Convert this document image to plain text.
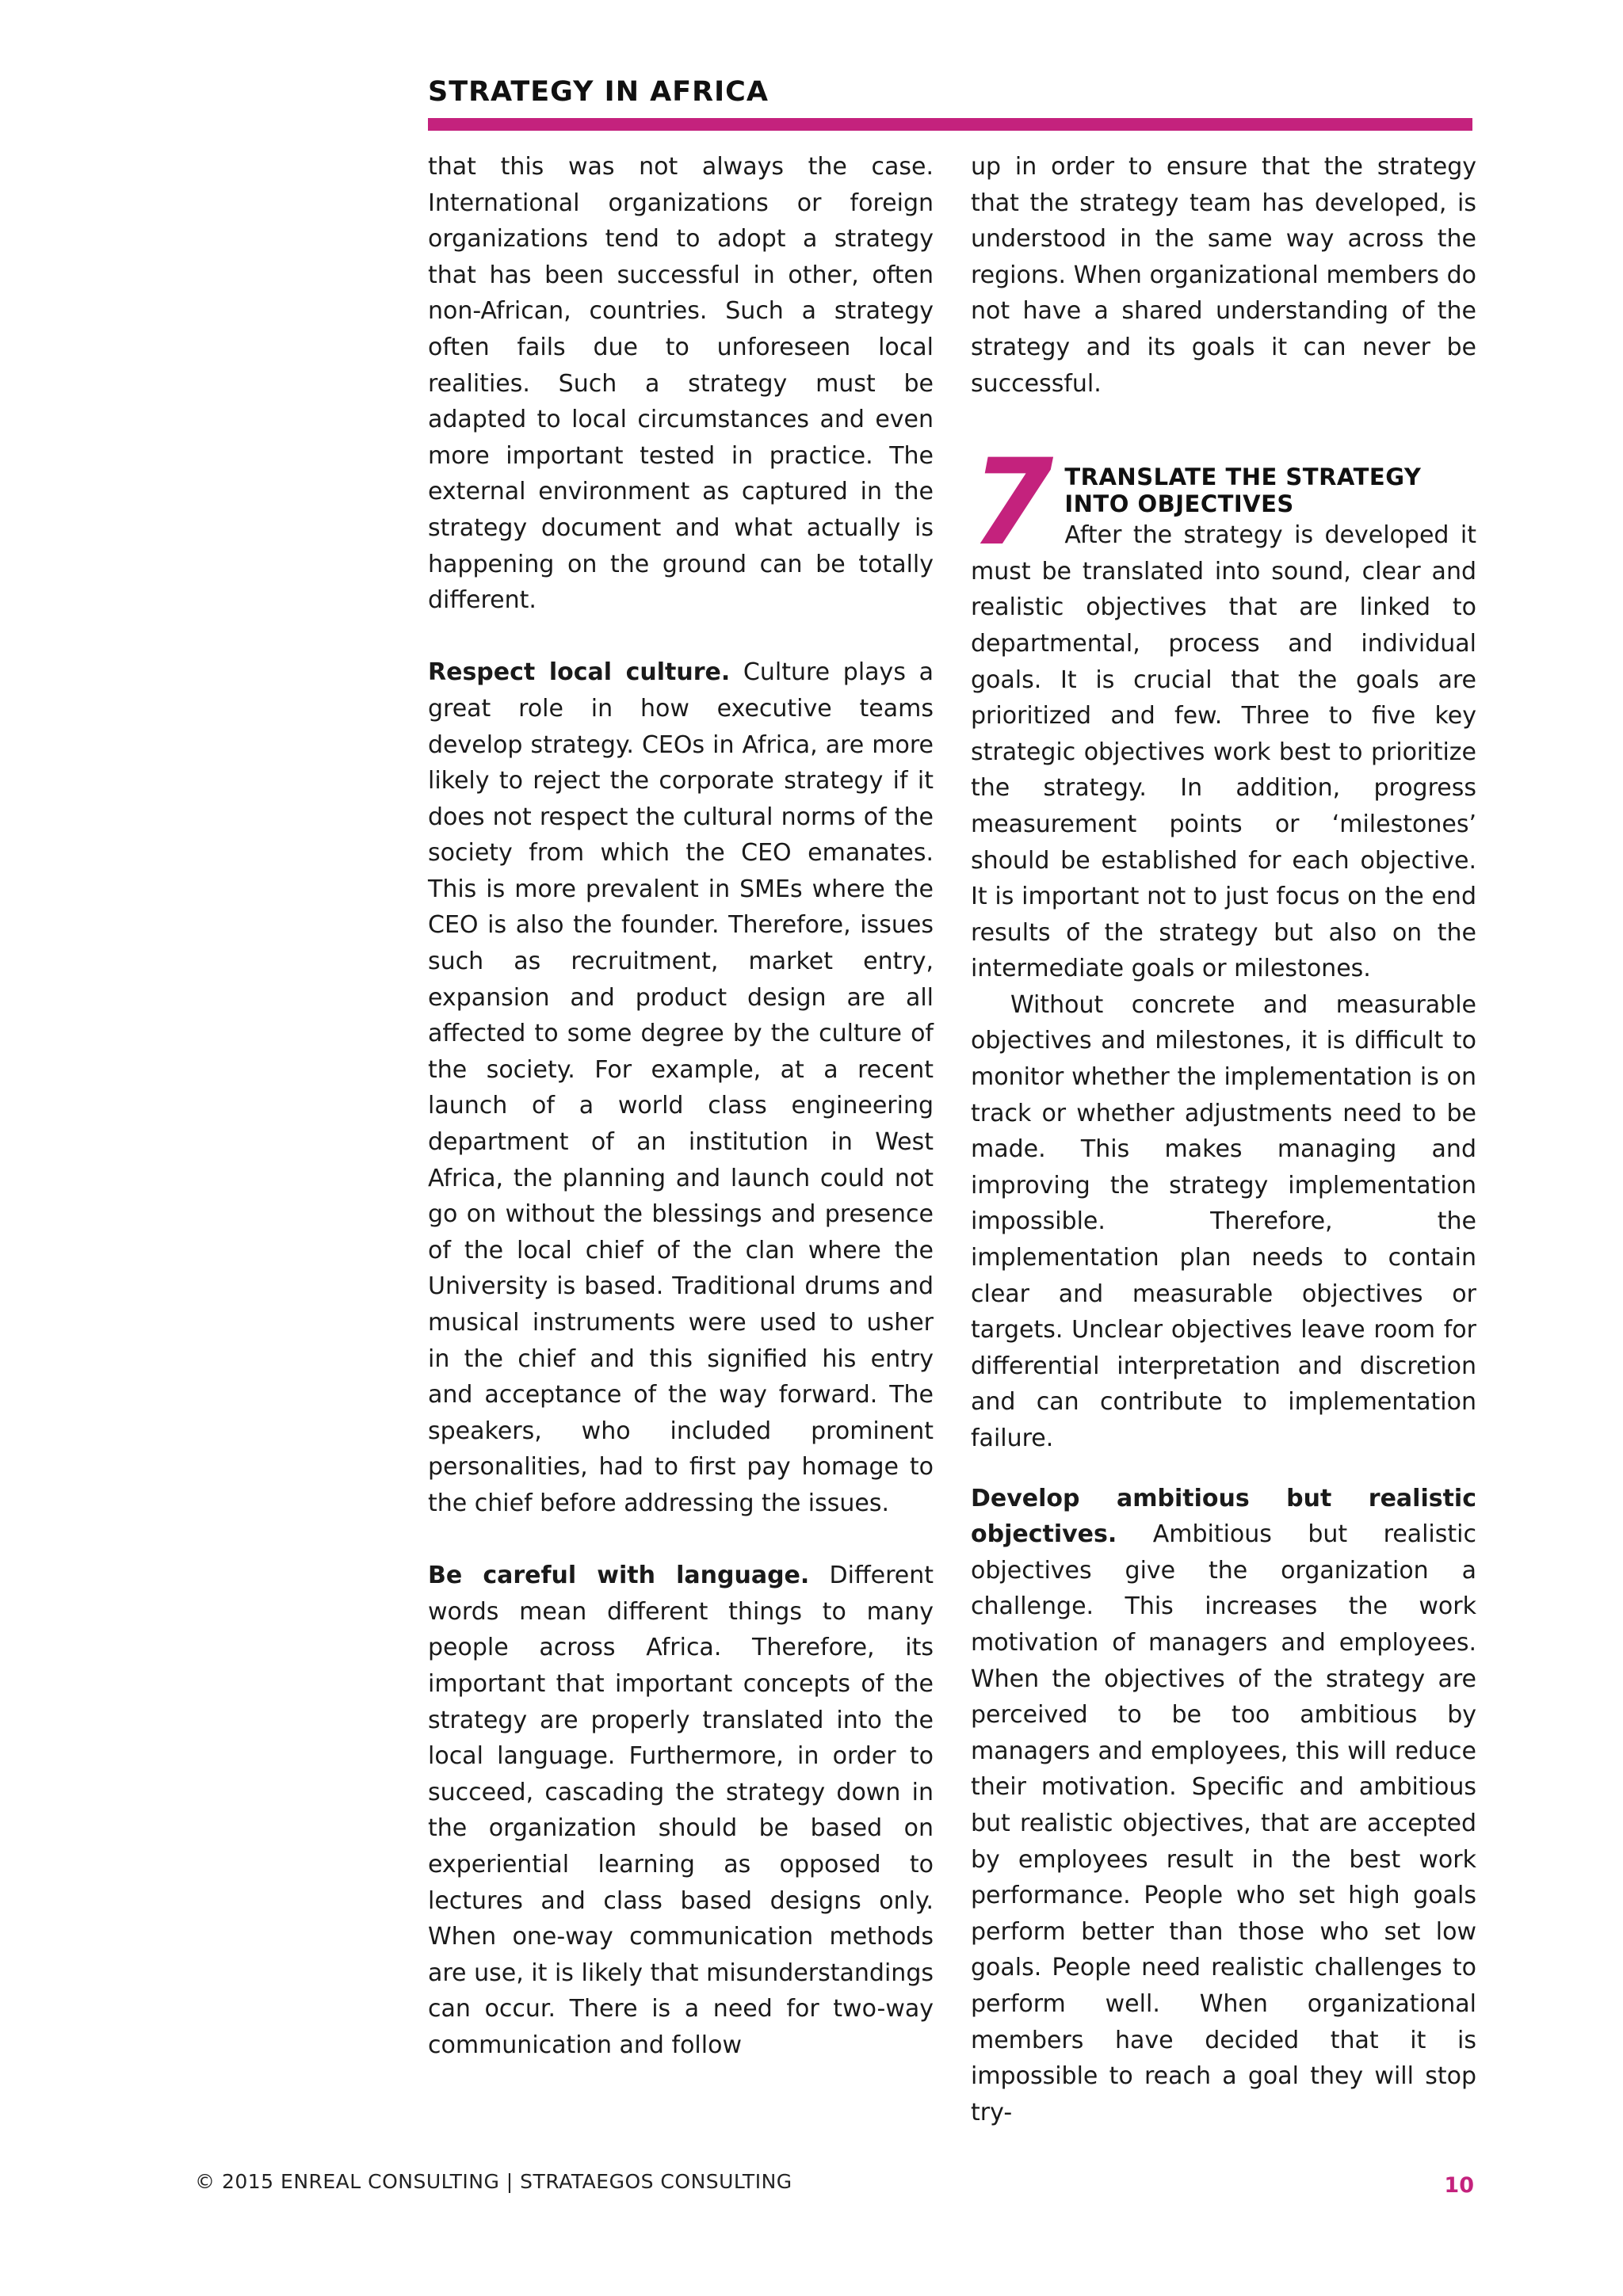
STRATEGY IN AFRICA

that this was not always the case. International organizations or foreign organizations tend to adopt a strategy that has been successful in other, often non-African, countries. Such a strategy often fails due to unforeseen local realities. Such a strategy must be adapted to local circumstances and even more important tested in practice. The external environment as captured in the strategy document and what actually is happening on the ground can be totally different.

Respect local culture. Culture plays a great role in how executive teams develop strategy. CEOs in Africa, are more likely to reject the corporate strategy if it does not respect the cultural norms of the society from which the CEO emanates. This is more prevalent in SMEs where the CEO is also the founder. Therefore, issues such as recruitment, market entry, expansion and product design are all affected to some degree by the culture of the society. For example, at a recent launch of a world class engineering department of an institution in West Africa, the planning and launch could not go on without the blessings and presence of the local chief of the clan where the University is based. Traditional drums and musical instruments were used to usher in the chief and this signified his entry and acceptance of the way forward. The speakers, who included prominent personalities, had to first pay homage to the chief before addressing the issues.

Be careful with language. Different words mean different things to many people across Africa. Therefore, its important that important concepts of the strategy are properly translated into the local language. Furthermore, in order to succeed, cascading the strategy down in the organization should be based on experiential learning as opposed to lectures and class based designs only. When one-way communication methods are use, it is likely that misunderstandings can occur. There is a need for two-way communication and follow

up in order to ensure that the strategy that the strategy team has developed, is understood in the same way across the regions. When organizational members do not have a shared understanding of the strategy and its goals it can never be successful.

7 TRANSLATE THE STRATEGY INTO OBJECTIVES

After the strategy is developed it must be translated into sound, clear and realistic objectives that are linked to departmental, process and individual goals. It is crucial that the goals are prioritized and few. Three to five key strategic objectives work best to prioritize the strategy. In addition, progress measurement points or ‘milestones’ should be established for each objective. It is important not to just focus on the end results of the strategy but also on the intermediate goals or milestones.

Without concrete and measurable objectives and milestones, it is difficult to monitor whether the implementation is on track or whether adjustments need to be made. This makes managing and improving the strategy implementation impossible. Therefore, the implementation plan needs to contain clear and measurable objectives or targets. Unclear objectives leave room for differential interpretation and discretion and can contribute to implementation failure.

Develop ambitious but realistic objectives. Ambitious but realistic objectives give the organization a challenge. This increases the work motivation of managers and employees. When the objectives of the strategy are perceived to be too ambitious by managers and employees, this will reduce their motivation. Specific and ambitious but realistic objectives, that are accepted by employees result in the best work performance. People who set high goals perform better than those who set low goals. People need realistic challenges to perform well. When organizational members have decided that it is impossible to reach a goal they will stop try-

© 2015 ENREAL CONSULTING | STRATAEGOS CONSULTING	10
